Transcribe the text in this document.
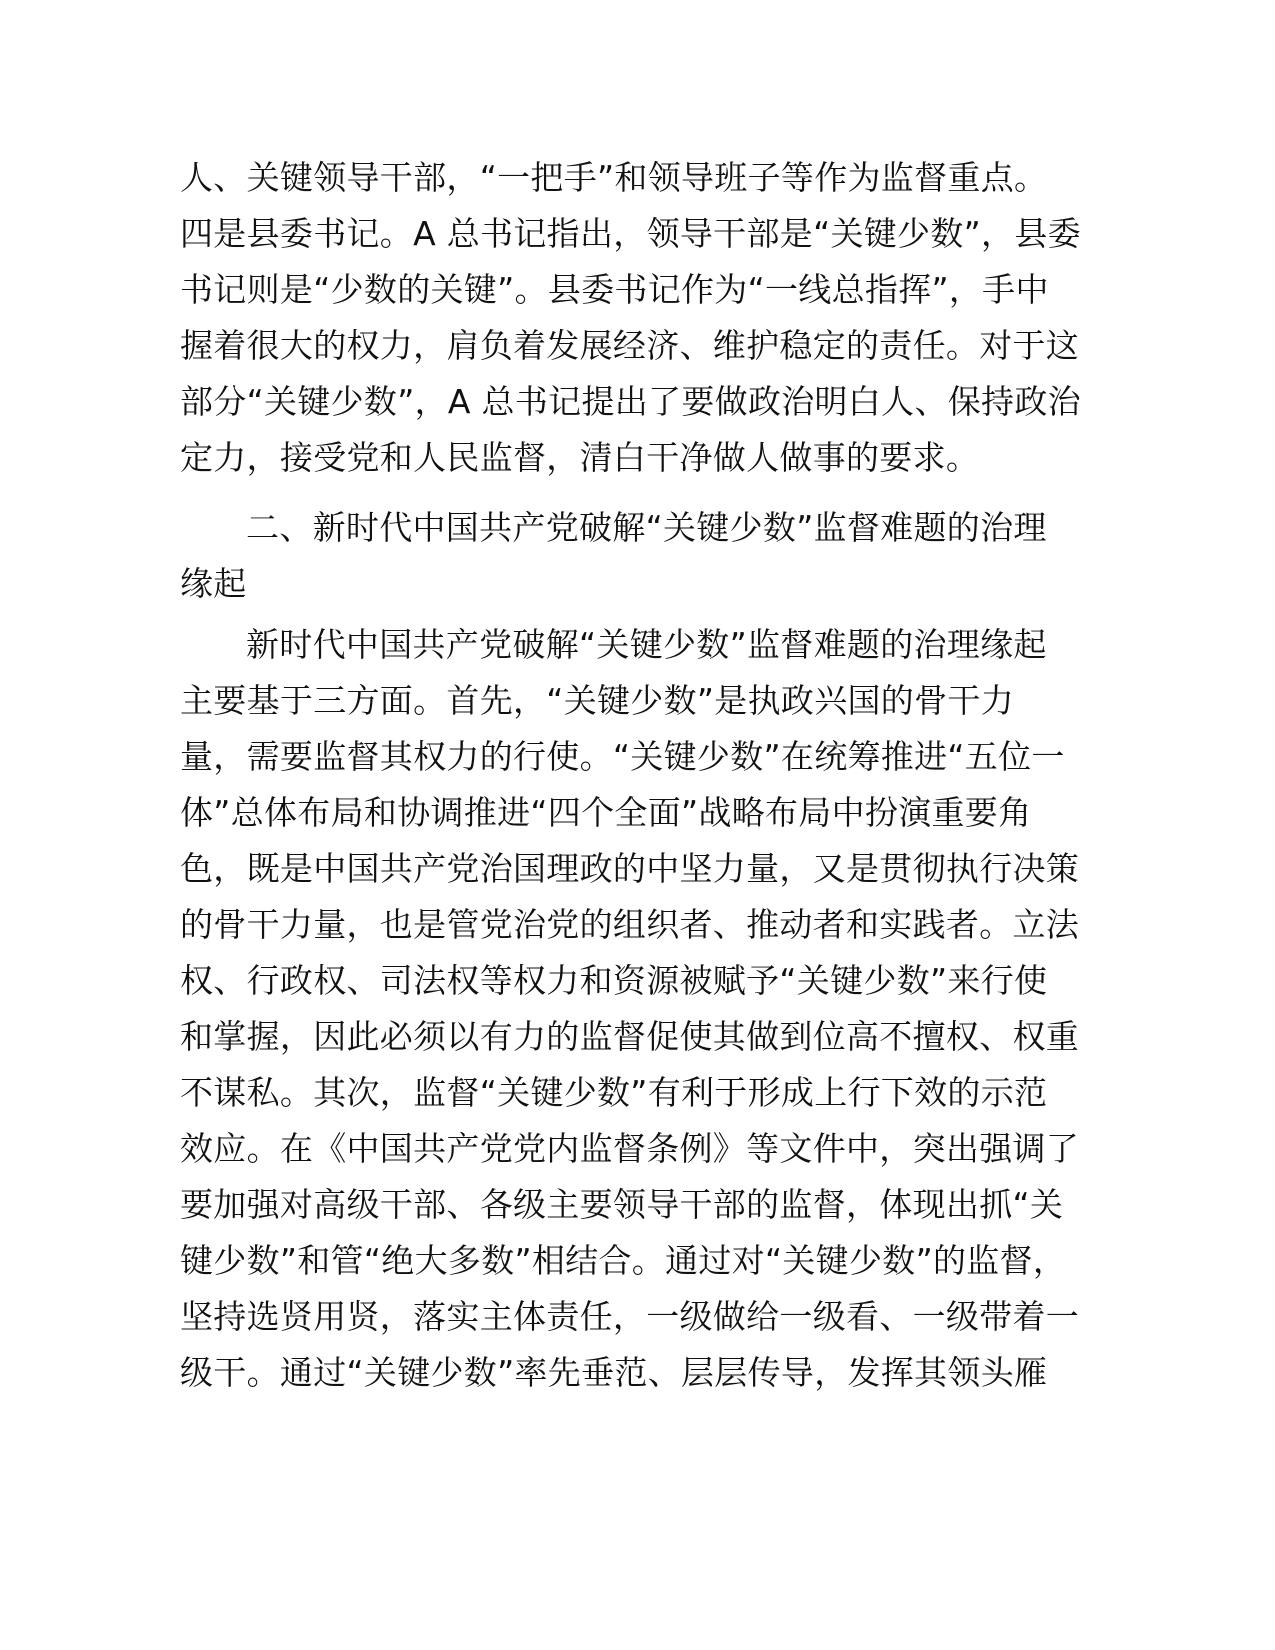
人、关键领导干部，“一把手”和领导班子等作为监督重点。
四是县委书记。A 总书记指出，领导干部是“关键少数”，县委
书记则是“少数的关键”。县委书记作为“一线总指挥”，手中
握着很大的权力，肩负着发展经济、维护稳定的责任。对于这
部分“关键少数”，A 总书记提出了要做政治明白人、保持政治
定力，接受党和人民监督，清白干净做人做事的要求。
二、新时代中国共产党破解“关键少数”监督难题的治理
缘起
新时代中国共产党破解“关键少数”监督难题的治理缘起
主要基于三方面。首先，“关键少数”是执政兴国的骨干力
量，需要监督其权力的行使。“关键少数”在统筹推进“五位一
体”总体布局和协调推进“四个全面”战略布局中扮演重要角
色，既是中国共产党治国理政的中坚力量，又是贯彻执行决策
的骨干力量，也是管党治党的组织者、推动者和实践者。立法
权、行政权、司法权等权力和资源被赋予“关键少数”来行使
和掌握，因此必须以有力的监督促使其做到位高不擅权、权重
不谋私。其次，监督“关键少数”有利于形成上行下效的示范
效应。在《中国共产党党内监督条例》等文件中，突出强调了
要加强对高级干部、各级主要领导干部的监督，体现出抓“关
键少数”和管“绝大多数”相结合。通过对“关键少数”的监督，
坚持选贤用贤，落实主体责任，一级做给一级看、一级带着一
级干。通过“关键少数”率先垂范、层层传导，发挥其领头雁
